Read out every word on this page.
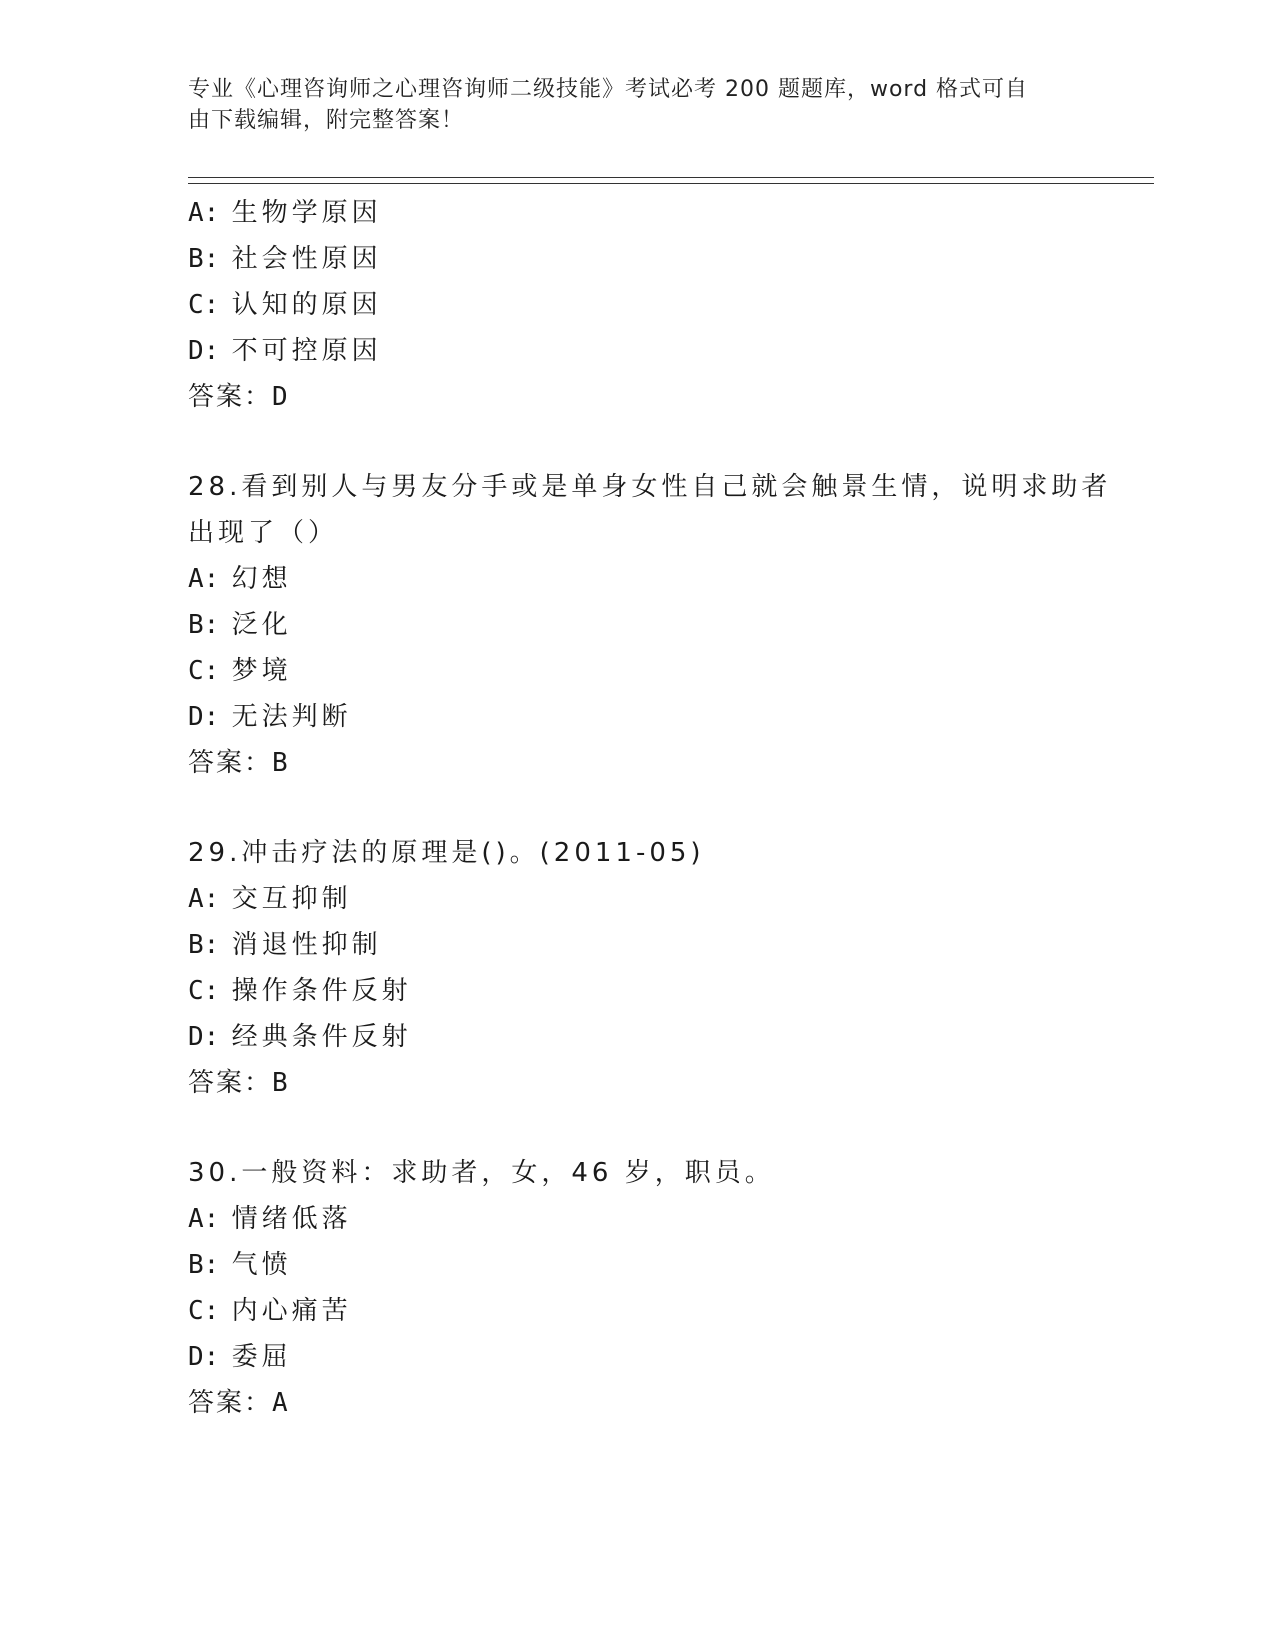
专业《心理咨询师之心理咨询师二级技能》考试必考 200 题题库，word 格式可自
由下载编辑，附完整答案！
A: 生物学原因
B: 社会性原因
C: 认知的原因
D: 不可控原因
答案：D
28.看到别人与男友分手或是单身女性自己就会触景生情，说明求助者
出现了（）
A: 幻想
B: 泛化
C: 梦境
D: 无法判断
答案：B
29.冲击疗法的原理是()。(2011-05)
A: 交互抑制
B: 消退性抑制
C: 操作条件反射
D: 经典条件反射
答案：B
30.一般资料：求助者，女，46 岁，职员。
A: 情绪低落
B: 气愤
C: 内心痛苦
D: 委屈
答案：A
